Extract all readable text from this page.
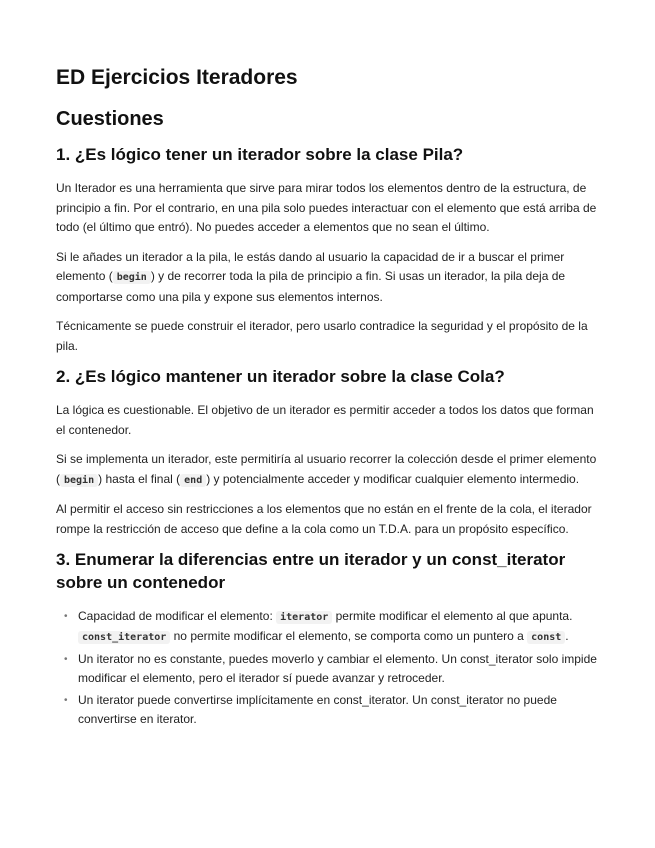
ED Ejercicios Iteradores
Cuestiones
1. ¿Es lógico tener un iterador sobre la clase Pila?

Un Iterador es una herramienta que sirve para mirar todos los elementos dentro de la estructura, de principio a fin. Por el contrario, en una pila solo puedes interactuar con el elemento que está arriba de todo (el último que entró). No puedes acceder a elementos que no sean el último.

Si le añades un iterador a la pila, le estás dando al usuario la capacidad de ir a buscar el primer elemento ( begin ) y de recorrer toda la pila de principio a fin. Si usas un iterador, la pila deja de comportarse como una pila y expone sus elementos internos.

Técnicamente se puede construir el iterador, pero usarlo contradice la seguridad y el propósito de la pila.

2. ¿Es lógico mantener un iterador sobre la clase Cola?

La lógica es cuestionable. El objetivo de un iterador es permitir acceder a todos los datos que forman el contenedor.

Si se implementa un iterador, este permitiría al usuario recorrer la colección desde el primer elemento ( begin ) hasta el final ( end ) y potencialmente acceder y modificar cualquier elemento intermedio.

Al permitir el acceso sin restricciones a los elementos que no están en el frente de la cola, el iterador rompe la restricción de acceso que define a la cola como un T.D.A. para un propósito específico.

3. Enumerar la diferencias entre un iterador y un const_iterator sobre un contenedor
• Capacidad de modificar el elemento: iterator permite modificar el elemento al que apunta. const_iterator no permite modificar el elemento, se comporta como un puntero a const .
• Un iterator no es constante, puedes moverlo y cambiar el elemento. Un const_iterator solo impide modificar el elemento, pero el iterador sí puede avanzar y retroceder.
• Un iterator puede convertirse implícitamente en const_iterator. Un const_iterator no puede convertirse en iterator.
